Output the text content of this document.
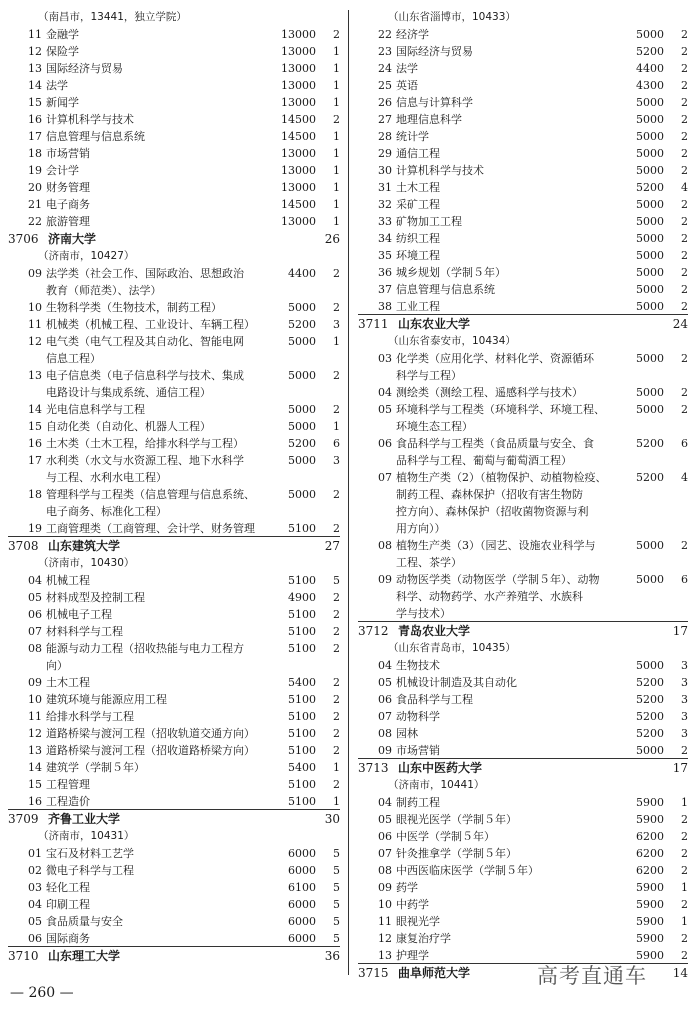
（南昌市，13441，独立学院）
11 金融学	13000	2
12 保险学	13000	1
13 国际经济与贸易	13000	1
14 法学	13000	1
15 新闻学	13000	1
16 计算机科学与技术	14500	2
17 信息管理与信息系统	14500	1
18 市场营销	13000	1
19 会计学	13000	1
20 财务管理	13000	1
21 电子商务	14500	1
22 旅游管理	13000	1
3706 济南大学	26
（济南市，10427）
09 法学类（社会工作、国际政治、思想政治	4400	2
教育（师范类）、法学）
10 生物科学类（生物技术，制药工程）	5000	2
11 机械类（机械工程、工业设计、车辆工程）	5200	3
12 电气类（电气工程及其自动化、智能电网	5000	1
信息工程）
13 电子信息类（电子信息科学与技术、集成	5000	2
电路设计与集成系统、通信工程）
14 光电信息科学与工程	5000	2
15 自动化类（自动化、机器人工程）	5000	1
16 土木类（土木工程，给排水科学与工程）	5200	6
17 水利类（水文与水资源工程、地下水科学	5000	3
与工程、水利水电工程）
18 管理科学与工程类（信息管理与信息系统、	5000	2
电子商务、标准化工程）
19 工商管理类（工商管理、会计学、财务管理	5100	2
3708 山东建筑大学	27
（济南市，10430）
04 机械工程	5100	5
05 材料成型及控制工程	4900	2
06 机械电子工程	5100	2
07 材料科学与工程	5100	2
08 能源与动力工程（招收热能与电力工程方	5100	2
向）
09 土木工程	5400	2
10 建筑环境与能源应用工程	5100	2
11 给排水科学与工程	5100	2
12 道路桥梁与渡河工程（招收轨道交通方向）	5100	2
13 道路桥梁与渡河工程（招收道路桥梁方向）	5100	2
14 建筑学（学制５年）	5400	1
15 工程管理	5100	2
16 工程造价	5100	1
3709 齐鲁工业大学	30
（济南市，10431）
01 宝石及材料工艺学	6000	5
02 微电子科学与工程	6000	5
03 轻化工程	6100	5
04 印刷工程	6000	5
05 食品质量与安全	6000	5
06 国际商务	6000	5
3710 山东理工大学	36
（山东省淄博市，10433）
22 经济学	5000	2
23 国际经济与贸易	5200	2
24 法学	4400	2
25 英语	4300	2
26 信息与计算科学	5000	2
27 地理信息科学	5000	2
28 统计学	5000	2
29 通信工程	5000	2
30 计算机科学与技术	5000	2
31 土木工程	5200	4
32 采矿工程	5000	2
33 矿物加工工程	5000	2
34 纺织工程	5000	2
35 环境工程	5000	2
36 城乡规划（学制５年）	5000	2
37 信息管理与信息系统	5000	2
38 工业工程	5000	2
3711 山东农业大学	24
（山东省泰安市，10434）
03 化学类（应用化学、材料化学、资源循环	5000	2
科学与工程）
04 测绘类（测绘工程、遥感科学与技术）	5000	2
05 环境科学与工程类（环境科学、环境工程、	5000	2
环境生态工程）
06 食品科学与工程类（食品质量与安全、食	5200	6
品科学与工程、葡萄与葡萄酒工程）
07 植物生产类（2）（植物保护、动植物检疫、	5200	4
制药工程、森林保护（招收有害生物防
控方向）、森林保护（招收菌物资源与利
用方向））
08 植物生产类（3）（园艺、设施农业科学与	5000	2
工程、茶学）
09 动物医学类（动物医学（学制５年）、动物	5000	6
科学、动物药学、水产养殖学、水族科
学与技术）
3712 青岛农业大学	17
（山东省青岛市，10435）
04 生物技术	5000	3
05 机械设计制造及其自动化	5200	3
06 食品科学与工程	5200	3
07 动物科学	5200	3
08 园林	5200	3
09 市场营销	5000	2
3713 山东中医药大学	17
（济南市，10441）
04 制药工程	5900	1
05 眼视光医学（学制５年）	5900	2
06 中医学（学制５年）	6200	2
07 针灸推拿学（学制５年）	6200	2
08 中西医临床医学（学制５年）	6200	2
09 药学	5900	1
10 中药学	5900	2
11 眼视光学	5900	1
12 康复治疗学	5900	2
13 护理学	5900	2
3715 曲阜师范大学	14
— 260 —
高考直通车
